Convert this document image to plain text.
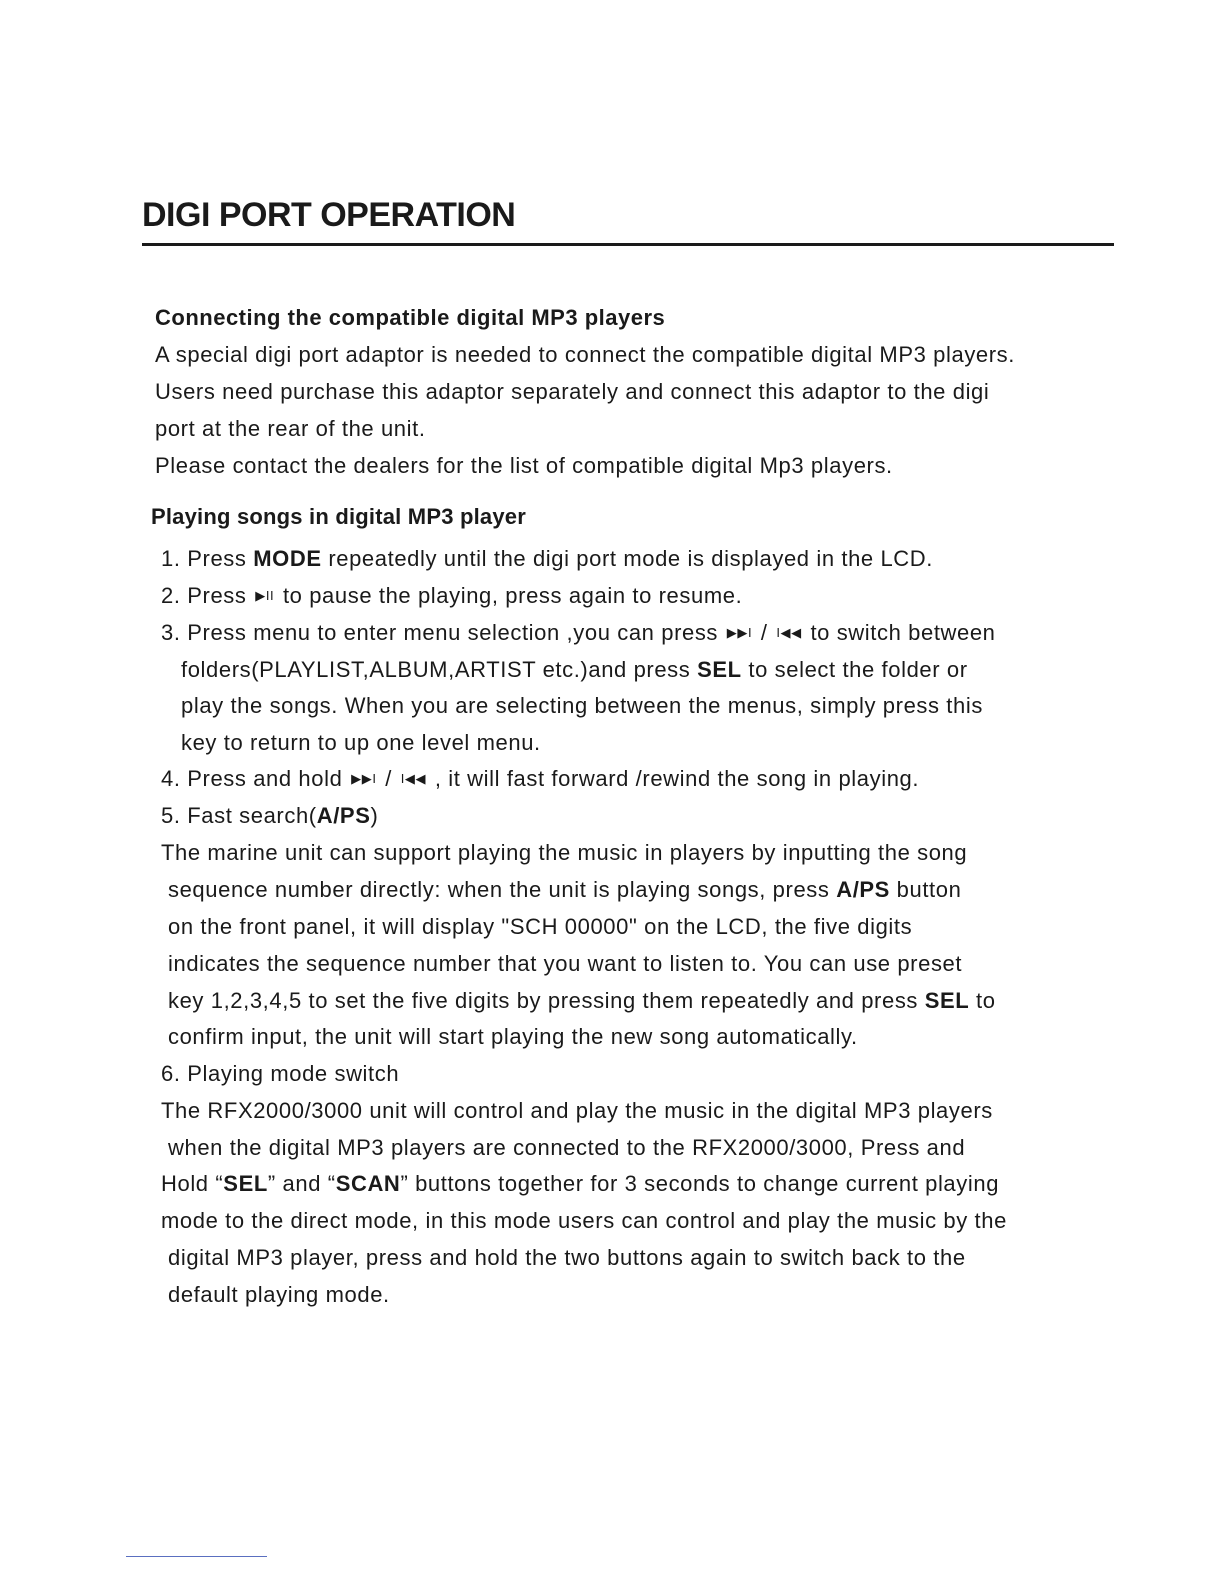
DIGI PORT OPERATION
Connecting the compatible digital MP3 players

A special digi port adaptor is needed to connect the compatible digital MP3 players.

Users need purchase this adaptor separately and connect this adaptor to the digi

port at the rear of the unit.

Please contact the dealers for the list of compatible digital Mp3 players.

Playing songs in digital MP3 player

1. Press MODE repeatedly until the digi port mode is displayed in the LCD.

2. Press ▶II to pause the playing, press again to resume.

3. Press menu to enter menu selection ,you can press ▶▶I / I◀◀ to switch between

folders(PLAYLIST,ALBUM,ARTIST etc.)and press SEL to select the folder or

play the songs. When you are selecting between the menus, simply press this

key to return to up one level menu.

4. Press and hold ▶▶I / I◀◀ , it will fast forward /rewind the song in playing.

5. Fast search(A/PS)

The marine unit can support playing the music in players by inputting the song

sequence number directly: when the unit is playing songs, press A/PS button

on the front panel, it will display "SCH 00000" on the LCD, the five digits

indicates the sequence number that you want to listen to. You can use preset

key 1,2,3,4,5 to set the five digits by pressing them repeatedly and press SEL to

confirm input, the unit will start playing the new song automatically.

6. Playing mode switch

The RFX2000/3000 unit will control and play the music in the digital MP3 players

when the digital MP3 players are connected to the RFX2000/3000, Press and

Hold “SEL” and “SCAN” buttons together for 3 seconds to change current playing

mode to the direct mode, in this mode users can control and play the music by the

digital MP3 player, press and hold the two buttons again to switch back to the

default playing mode.
